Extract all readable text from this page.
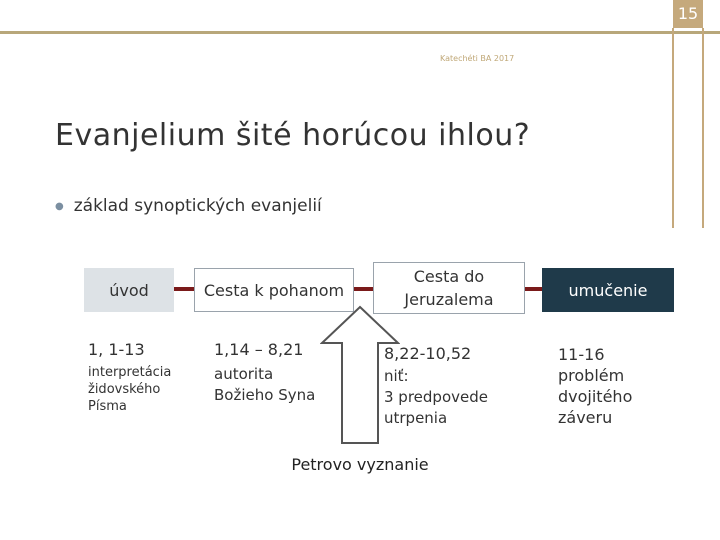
15
Katechéti BA 2017
Evanjelium šité horúcou ihlou?
● základ synoptických evanjelií
úvod	Cesta k pohanom
Cesta do
Jeruzalema	umučenie
1, 1-13
interpretácia
židovského
Písma
1,14 – 8,21
autorita
Božieho Syna
8,22-10,52
niť:
3 predpovede
utrpenia
11-16
problém
dvojitého
záveru
Petrovo vyznanie
